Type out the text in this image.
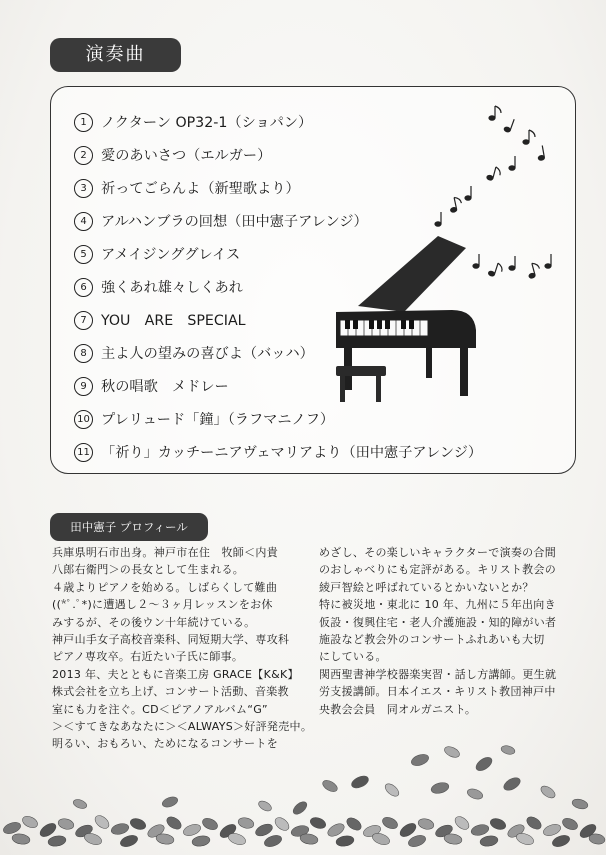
演奏曲
1 ノクターン OP32-1（ショパン）
2 愛のあいさつ（エルガー）
3 祈ってごらんよ（新聖歌より）
4 アルハンブラの回想（田中憲子アレンジ）
5 アメイジンググレイス
6 強くあれ雄々しくあれ
7 YOU　ARE　SPECIAL
8 主よ人の望みの喜びよ（バッハ）
9 秋の唱歌　メドレー
10 プレリュード「鐘」（ラフマニノフ）
11 「祈り」カッチーニアヴェマリアより（田中憲子アレンジ）
田中憲子 プロフィール

兵庫県明石市出身。神戸市在住　牧師＜内貴

八郎右衛門＞の長女として生まれる。

４歳よりピアノを始める。しばらくして難曲

((*ﾟ.ﾟ*)に遭遇し２～３ヶ月レッスンをお休

みするが、その後ウン十年続けている。

神戸山手女子高校音楽科、同短期大学、専攻科

ピアノ専攻卒。右近たい子氏に師事。

2013 年、夫とともに音楽工房 GRACE【K&K】

株式会社を立ち上げ、コンサート活動、音楽教

室にも力を注ぐ。CD＜ピアノアルバム“G”

＞＜すてきなあなたに＞＜ALWAYS＞好評発売中。

明るい、おもろい、ためになるコンサートを

めざし、その楽しいキャラクターで演奏の合間

のおしゃべりにも定評がある。キリスト教会の

綾戸智絵と呼ばれているとかいないとか？

特に被災地・東北に 10 年、九州に５年出向き

仮設・復興住宅・老人介護施設・知的障がい者

施設など教会外のコンサートふれあいも大切

にしている。

関西聖書神学校器楽実習・話し方講師。更生就

労支援講師。日本イエス・キリスト教団神戸中

央教会会員　同オルガニスト。
